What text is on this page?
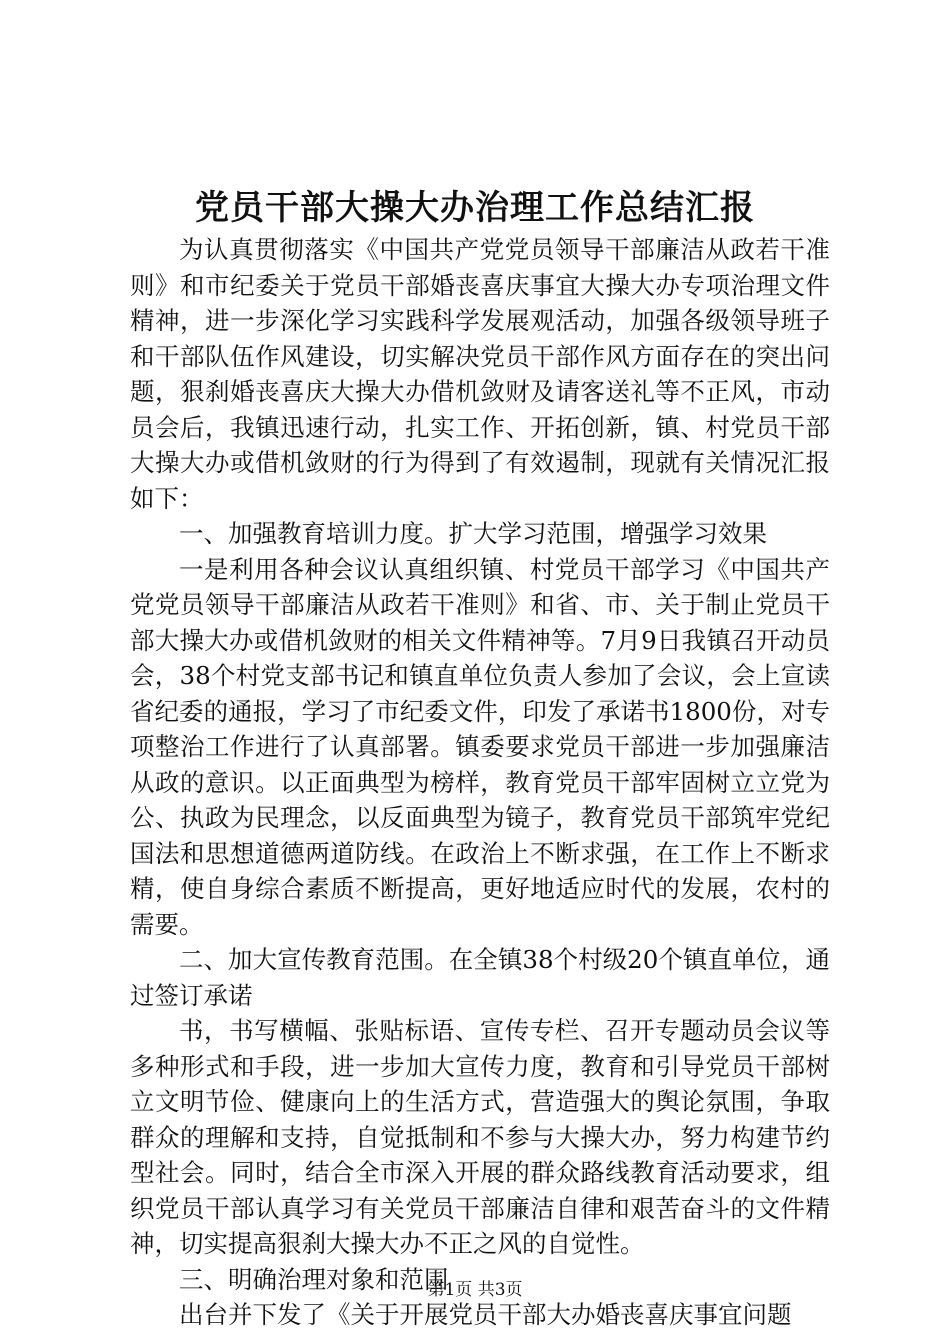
党员干部大操大办治理工作总结汇报

为认真贯彻落实《中国共产党党员领导干部廉洁从政若干准则》和市纪委关于党员干部婚丧喜庆事宜大操大办专项治理文件精神，进一步深化学习实践科学发展观活动，加强各级领导班子和干部队伍作风建设，切实解决党员干部作风方面存在的突出问题，狠刹婚丧喜庆大操大办借机敛财及请客送礼等不正风，市动员会后，我镇迅速行动，扎实工作、开拓创新，镇、村党员干部大操大办或借机敛财的行为得到了有效遏制，现就有关情况汇报如下：

一、加强教育培训力度。扩大学习范围，增强学习效果

一是利用各种会议认真组织镇、村党员干部学习《中国共产党党员领导干部廉洁从政若干准则》和省、市、关于制止党员干部大操大办或借机敛财的相关文件精神等。7月9日我镇召开动员会，38个村党支部书记和镇直单位负责人参加了会议，会上宣读省纪委的通报，学习了市纪委文件，印发了承诺书1800份，对专项整治工作进行了认真部署。镇委要求党员干部进一步加强廉洁从政的意识。以正面典型为榜样，教育党员干部牢固树立立党为公、执政为民理念，以反面典型为镜子，教育党员干部筑牢党纪国法和思想道德两道防线。在政治上不断求强，在工作上不断求精，使自身综合素质不断提高，更好地适应时代的发展，农村的需要。

二、加大宣传教育范围。在全镇38个村级20个镇直单位，通过签订承诺

书，书写横幅、张贴标语、宣传专栏、召开专题动员会议等多种形式和手段，进一步加大宣传力度，教育和引导党员干部树立文明节俭、健康向上的生活方式，营造强大的舆论氛围，争取群众的理解和支持，自觉抵制和不参与大操大办，努力构建节约型社会。同时，结合全市深入开展的群众路线教育活动要求，组织党员干部认真学习有关党员干部廉洁自律和艰苦奋斗的文件精神，切实提高狠刹大操大办不正之风的自觉性。

三、明确治理对象和范围

出台并下发了《关于开展党员干部大办婚丧喜庆事宜问题

第1页 共3页
